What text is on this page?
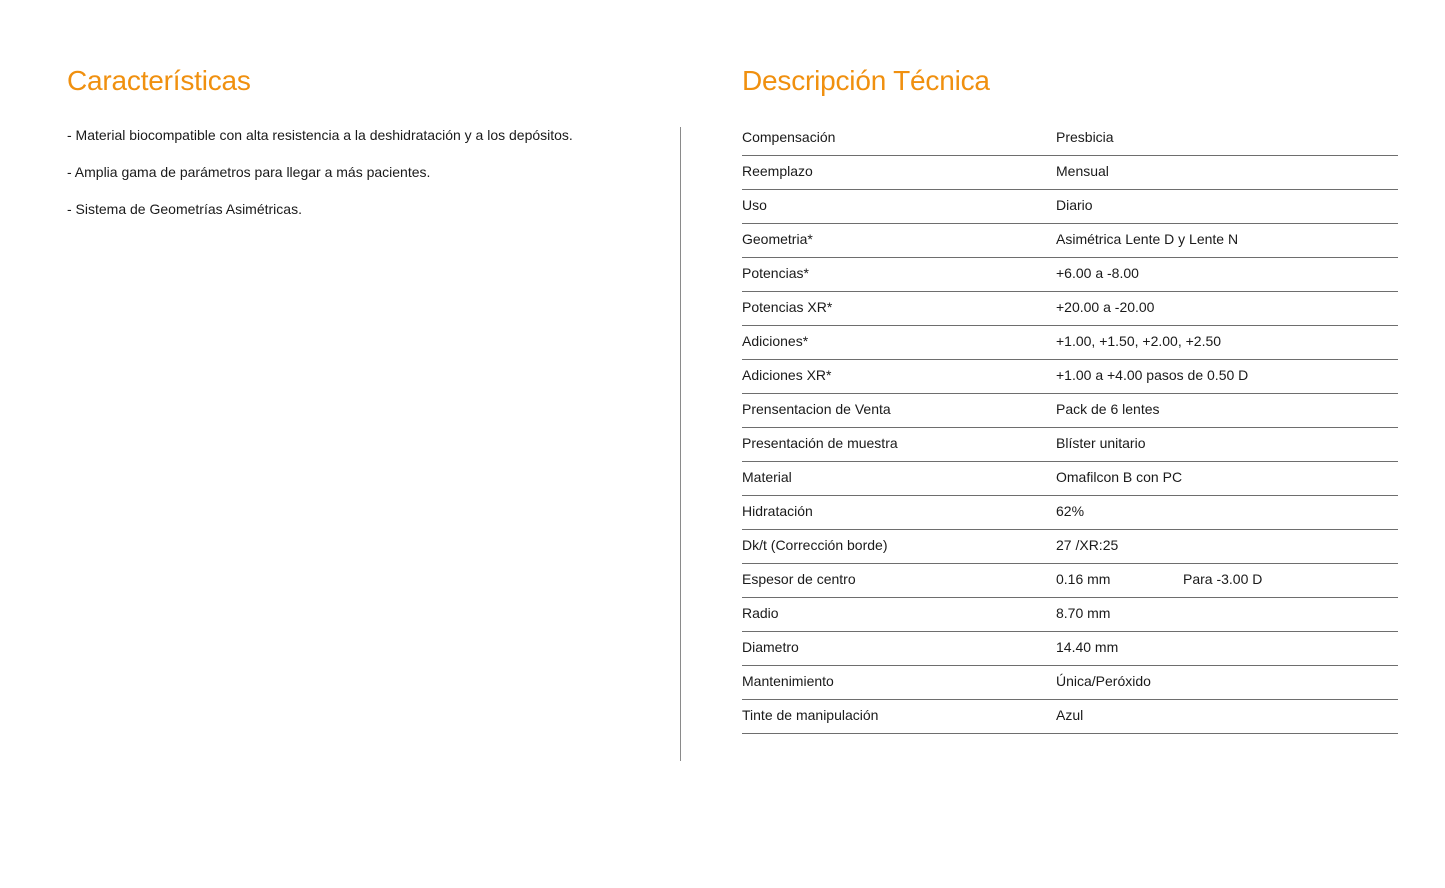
Características
- Material biocompatible con alta resistencia a la deshidratación y a los depósitos.
- Amplia gama de parámetros para llegar a más pacientes.
- Sistema de Geometrías Asimétricas.
Descripción Técnica
Compensación	Presbicia
Reemplazo	Mensual
Uso	Diario
Geometria*	Asimétrica Lente D y Lente N
Potencias*	+6.00 a -8.00
Potencias XR*	+20.00 a -20.00
Adiciones*	+1.00, +1.50, +2.00, +2.50
Adiciones XR*	+1.00 a +4.00 pasos de 0.50 D
Prensentacion de Venta	Pack de 6 lentes
Presentación de muestra	Blíster unitario
Material	Omafilcon B con PC
Hidratación	62%
Dk/t (Corrección borde)	27 /XR:25
Espesor de centro	0.16 mm	Para -3.00 D
Radio	8.70 mm
Diametro	14.40 mm
Mantenimiento	Única/Peróxido
Tinte de manipulación	Azul
